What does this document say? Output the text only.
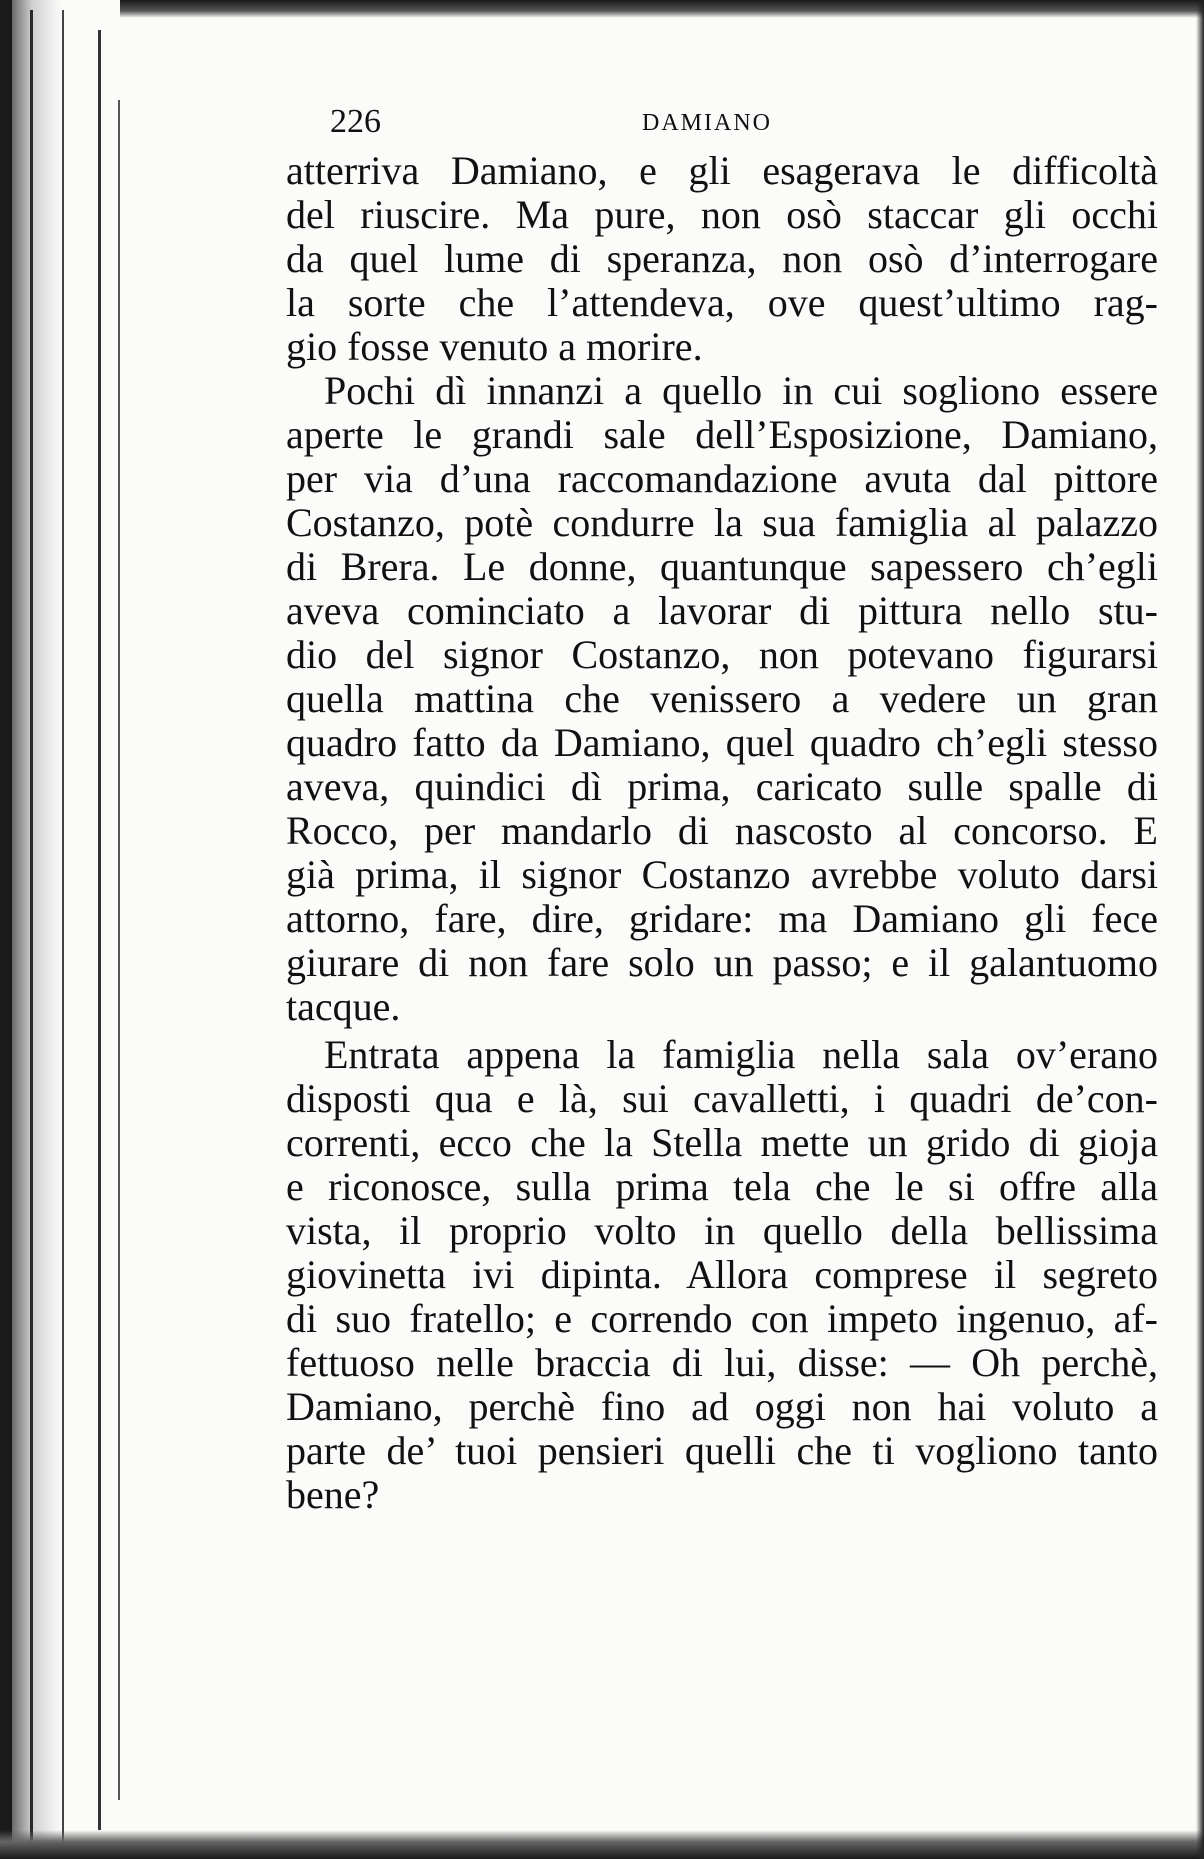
226	DAMIANO
atterriva Damiano, e gli esagerava le difficoltà
del riuscire. Ma pure, non osò staccar gli occhi
da quel lume di speranza, non osò d’interrogare
la sorte che l’attendeva, ove quest’ultimo rag-
gio fosse venuto a morire.
Pochi dì innanzi a quello in cui sogliono essere
aperte le grandi sale dell’Esposizione, Damiano,
per via d’una raccomandazione avuta dal pittore
Costanzo, potè condurre la sua famiglia al palazzo
di Brera. Le donne, quantunque sapessero ch’egli
aveva cominciato a lavorar di pittura nello stu-
dio del signor Costanzo, non potevano figurarsi
quella mattina che venissero a vedere un gran
quadro fatto da Damiano, quel quadro ch’egli stesso
aveva, quindici dì prima, caricato sulle spalle di
Rocco, per mandarlo di nascosto al concorso. E
già prima, il signor Costanzo avrebbe voluto darsi
attorno, fare, dire, gridare: ma Damiano gli fece
giurare di non fare solo un passo; e il galantuomo
tacque.
Entrata appena la famiglia nella sala ov’erano
disposti qua e là, sui cavalletti, i quadri de’con-
correnti, ecco che la Stella mette un grido di gioja
e riconosce, sulla prima tela che le si offre alla
vista, il proprio volto in quello della bellissima
giovinetta ivi dipinta. Allora comprese il segreto
di suo fratello; e correndo con impeto ingenuo, af-
fettuoso nelle braccia di lui, disse: — Oh perchè,
Damiano, perchè fino ad oggi non hai voluto a
parte de’ tuoi pensieri quelli che ti vogliono tanto
bene?
